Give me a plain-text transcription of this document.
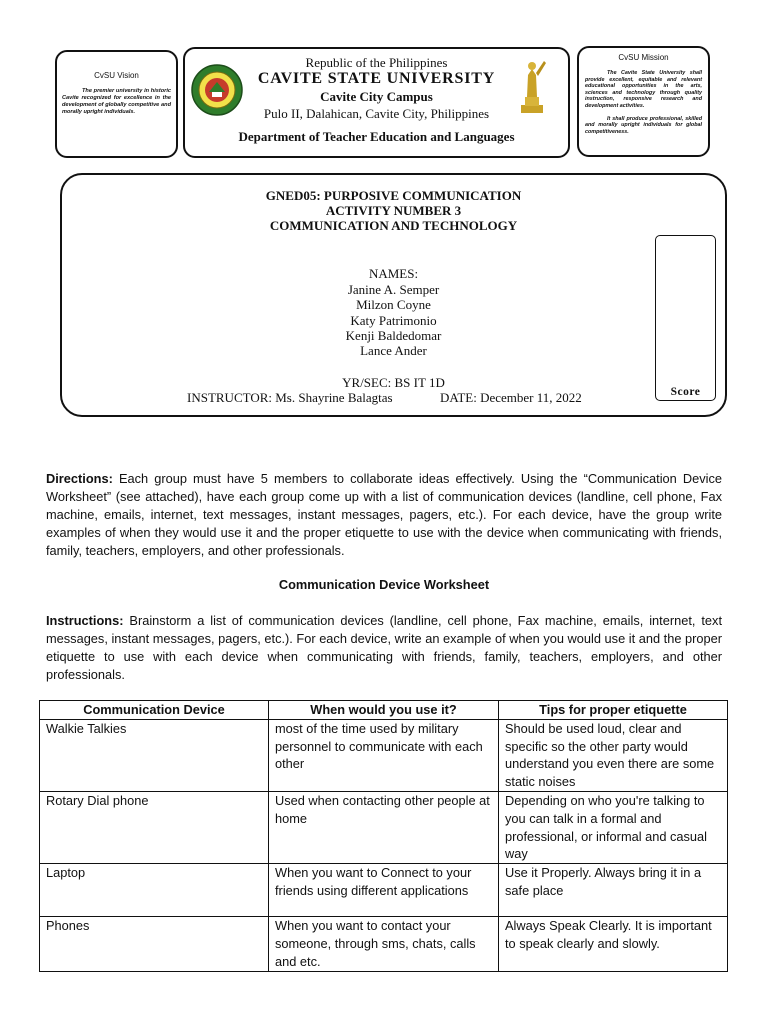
CvSU Vision
The premier university in historic Cavite recognized for excellence in the development of globally competitive and morally upright individuals.
Republic of the Philippines
CAVITE STATE UNIVERSITY
Cavite City Campus
Pulo II, Dalahican, Cavite City, Philippines
Department of Teacher Education and Languages
CvSU Mission
The Cavite State University shall provide excellent, equitable and relevant educational opportunities in the arts, sciences and technology through quality instruction, responsive research and development activities.
It shall produce professional, skilled and morally upright individuals for global competitiveness.
GNED05: PURPOSIVE COMMUNICATION
ACTIVITY NUMBER 3
COMMUNICATION AND TECHNOLOGY
NAMES:
Janine A. Semper
Milzon Coyne
Katy Patrimonio
Kenji Baldedomar
Lance Ander
YR/SEC: BS IT 1D
INSTRUCTOR: Ms. Shayrine Balagtas	DATE: December 11, 2022	Score
Directions: Each group must have 5 members to collaborate ideas effectively. Using the “Communication Device Worksheet” (see attached), have each group come up with a list of communication devices (landline, cell phone, Fax machine, emails, internet, text messages, instant messages, pagers, etc.). For each device, have the group write examples of when they would use it and the proper etiquette to use with the device when communicating with friends, family, teachers, employers, and other professionals.
Communication Device Worksheet
Instructions: Brainstorm a list of communication devices (landline, cell phone, Fax machine, emails, internet, text messages, instant messages, pagers, etc.). For each device, write an example of when you would use it and the proper etiquette to use with each device when communicating with friends, family, teachers, employers, and other professionals.
Communication Device	When would you use it?	Tips for proper etiquette
Walkie Talkies	most of the time used by military personnel to communicate with each other	Should be used loud, clear and specific so the other party would understand you even there are some static noises
Rotary Dial phone	Used when contacting other people at home	Depending on who you're talking to you can talk in a formal and professional, or informal and casual way
Laptop	When you want to Connect to your friends using different applications	Use it Properly. Always bring it in a safe place
Phones	When you want to contact your someone, through sms, chats, calls and etc.	Always Speak Clearly. It is important to speak clearly and slowly.
